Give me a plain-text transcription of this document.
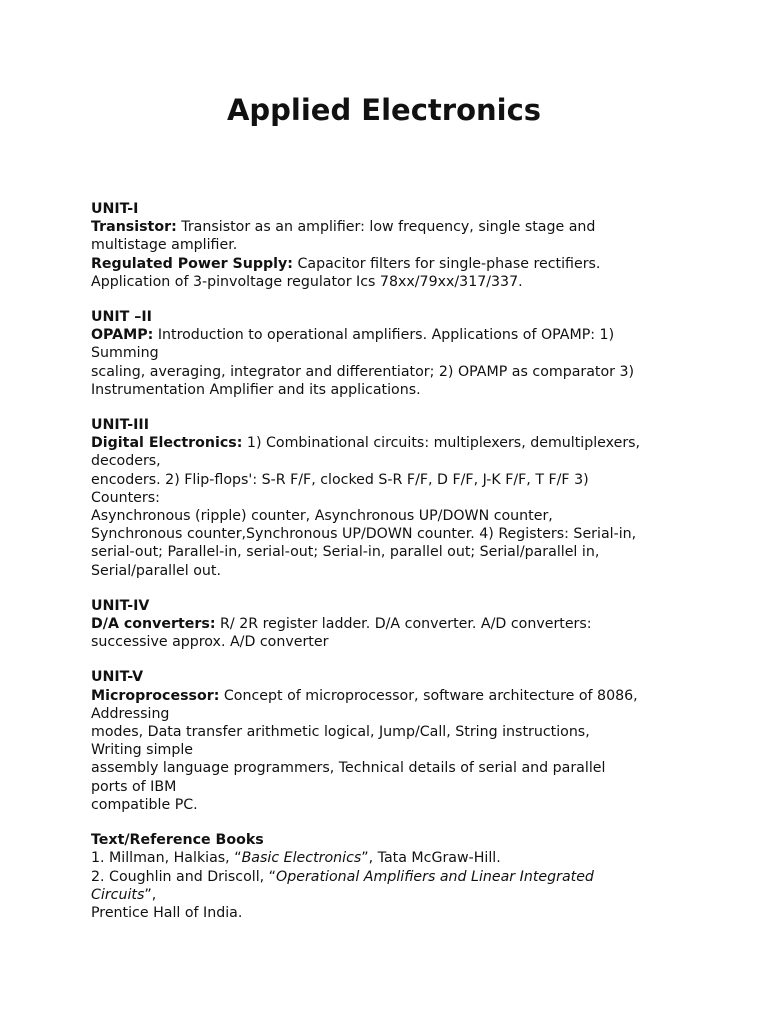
Applied Electronics

UNIT-I

Transistor: Transistor as an amplifier: low frequency, single stage and

multistage amplifier.

Regulated Power Supply: Capacitor filters for single-phase rectifiers.

Application of 3-pinvoltage regulator Ics 78xx/79xx/317/337.

UNIT –II

OPAMP: Introduction to operational amplifiers. Applications of OPAMP: 1)

Summing

scaling, averaging, integrator and differentiator; 2) OPAMP as comparator 3)

Instrumentation Amplifier and its applications.

UNIT-III

Digital Electronics: 1) Combinational circuits: multiplexers, demultiplexers,

decoders,

encoders. 2) Flip-flops': S-R F/F, clocked S-R F/F, D F/F, J-K F/F, T F/F 3)

Counters:

Asynchronous (ripple) counter, Asynchronous UP/DOWN counter,

Synchronous counter,Synchronous UP/DOWN counter. 4) Registers: Serial-in,

serial-out; Parallel-in, serial-out; Serial-in, parallel out; Serial/parallel in,

Serial/parallel out.

UNIT-IV

D/A converters: R/ 2R register ladder. D/A converter. A/D converters:

successive approx. A/D converter

UNIT-V

Microprocessor: Concept of microprocessor, software architecture of 8086,

Addressing

modes, Data transfer arithmetic logical, Jump/Call, String instructions,

Writing simple

assembly language programmers, Technical details of serial and parallel

ports of IBM

compatible PC.

Text/Reference Books

1. Millman, Halkias, “Basic Electronics”, Tata McGraw-Hill.

2. Coughlin and Driscoll, “Operational Amplifiers and Linear Integrated

Circuits”,

Prentice Hall of India.
